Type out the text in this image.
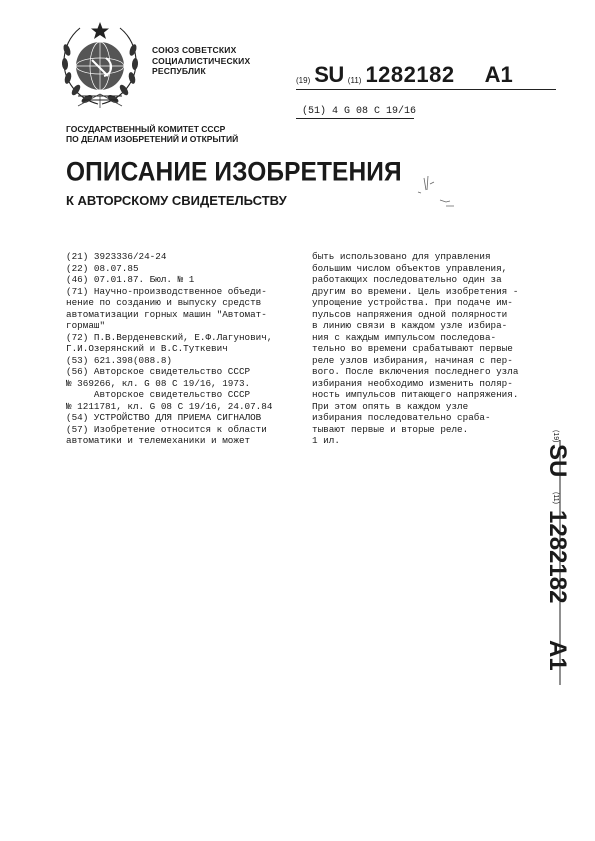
СОЮЗ СОВЕТСКИХ
СОЦИАЛИСТИЧЕСКИХ
РЕСПУБЛИК
(19) SU (11) 1282182 A1
(51) 4 G 08 C 19/16
ГОСУДАРСТВЕННЫЙ КОМИТЕТ СССР
ПО ДЕЛАМ ИЗОБРЕТЕНИЙ И ОТКРЫТИЙ
ОПИСАНИЕ ИЗОБРЕТЕНИЯ
К АВТОРСКОМУ СВИДЕТЕЛЬСТВУ
(21) 3923336/24-24
(22) 08.07.85
(46) 07.01.87. Бюл. № 1
(71) Научно-производственное объеди-
нение по созданию и выпуску средств
автоматизации горных машин "Автомат-
гормаш"
(72) П.В.Верденевский, Е.Ф.Лагунович,
Г.И.Озерянский и В.С.Туткевич
(53) 621.398(088.8)
(56) Авторское свидетельство СССР
№ 369266, кл. G 08 C 19/16, 1973.
Авторское свидетельство СССР
№ 1211781, кл. G 08 C 19/16, 24.07.84
(54) УСТРОЙСТВО ДЛЯ ПРИЕМА СИГНАЛОВ
(57) Изобретение относится к области
автоматики и телемеханики и может
быть использовано для управления
большим числом объектов управления,
работающих последовательно один за
другим во времени. Цель изобретения -
упрощение устройства. При подаче им-
пульсов напряжения одной полярности
в линию связи в каждом узле избира-
ния с каждым импульсом последова-
тельно во времени срабатывают первые
реле узлов избирания, начиная с пер-
вого. После включения последнего узла
избирания необходимо изменить поляр-
ность импульсов питающего напряжения.
При этом опять в каждом узле
избирания последовательно сраба-
тывают первые и вторые реле.
1 ил.	(19)
SU
(11)
1282182
A1
